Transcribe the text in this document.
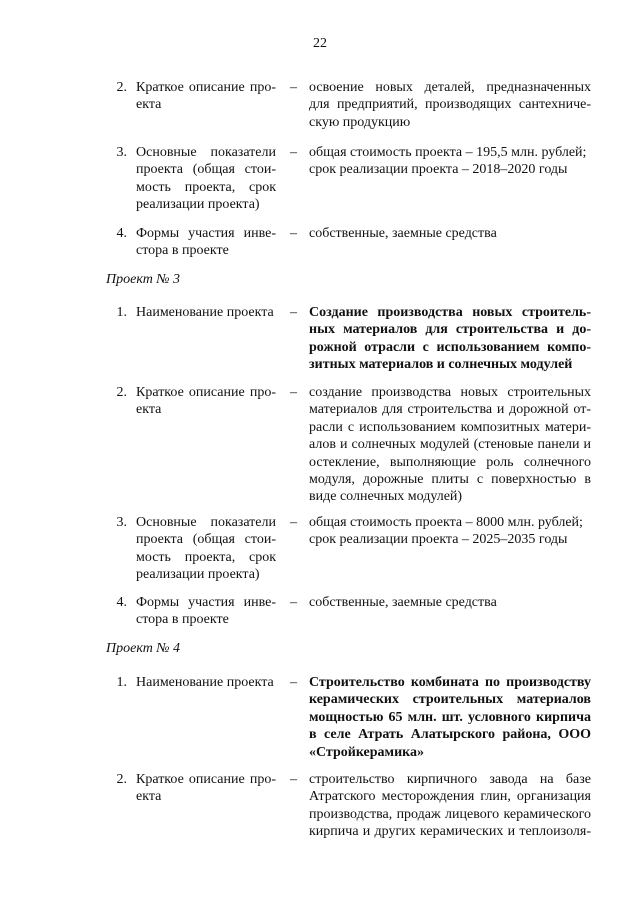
22
2. Краткое описание про-
екта
– освоение новых деталей, предназначенных
для предприятий, производящих сантехниче-
скую продукцию
3. Основные показатели
проекта (общая стои-
мость проекта, срок
реализации проекта)
– общая стоимость проекта – 195,5 млн. рублей;
срок реализации проекта – 2018–2020 годы
4. Формы участия инве-
стора в проекте
– собственные, заемные средства
Проект № 3
1. Наименование проекта – Создание производства новых строитель-
ных материалов для строительства и до-
рожной отрасли с использованием компо-
зитных материалов и солнечных модулей
2. Краткое описание про-
екта
– создание производства новых строительных
материалов для строительства и дорожной от-
расли с использованием композитных матери-
алов и солнечных модулей (стеновые панели и
остекление, выполняющие роль солнечного
модуля, дорожные плиты с поверхностью в
виде солнечных модулей)
3. Основные показатели
проекта (общая стои-
мость проекта, срок
реализации проекта)
– общая стоимость проекта – 8000 млн. рублей;
срок реализации проекта – 2025–2035 годы
4. Формы участия инве-
стора в проекте
– собственные, заемные средства
Проект № 4
1. Наименование проекта – Строительство комбината по производству
керамических строительных материалов
мощностью 65 млн. шт. условного кирпича
в селе Атрать Алатырского района, ООО
«Стройкерамика»
2. Краткое описание про-
екта
– строительство кирпичного завода на базе
Атратского месторождения глин, организация
производства, продаж лицевого керамического
кирпича и других керамических и теплоизоля-
